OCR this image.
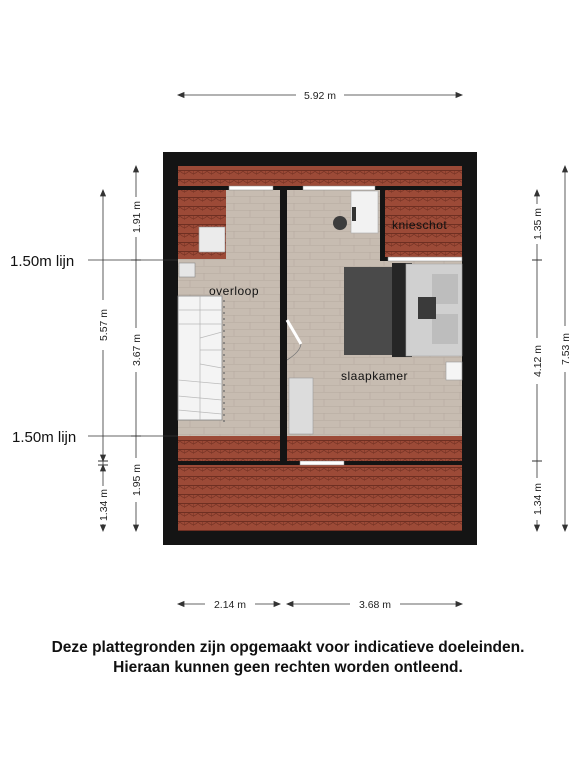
overloop
slaapkamer
knieschot
5.92 m
2.14 m	3.68 m
5.57 m
1.34 m
1.91 m
3.67 m
1.95 m
1.35 m
4.12 m
1.34 m
7.53 m
1.50m lijn
1.50m lijn
Deze plattegronden zijn opgemaakt voor indicatieve doeleinden.
Hieraan kunnen geen rechten worden ontleend.
